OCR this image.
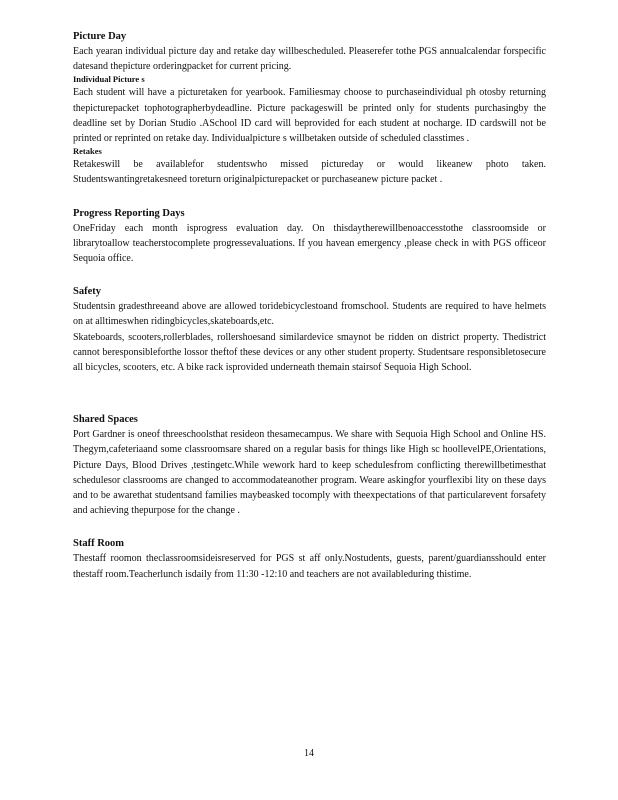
Picture Day

Each yearan individual picture day and retake day willbescheduled. Pleaserefer tothe PGS annualcalendar forspecific datesand thepicture orderingpacket for current pricing.

Individual Picture s

Each student will have a picturetaken for yearbook. Familiesmay choose to purchaseindividual ph otosby returning thepicturepacket tophotographerbydeadline. Picture packageswill be printed only for students purchasingby the deadline set by Dorian Studio .ASchool ID card will beprovided for each student at nocharge. ID cardswill not be printed or reprinted on retake day. Individualpicture s willbetaken outside of scheduled classtimes .

Retakes

Retakeswill be availablefor studentswho missed pictureday or would likeanew photo taken. Studentswantingretakesneed toreturn originalpicturepacket or purchaseanew picture packet .

Progress Reporting Days

OneFriday each month isprogress evaluation day. On thisdaytherewillbenoaccesstothe classroomside or librarytoallow teacherstocomplete progressevaluations. If you havean emergency ,please check in with PGS officeor Sequoia office.

Safety

Studentsin gradesthreeand above are allowed toridebicyclestoand fromschool. Students are required to have helmets on at alltimeswhen ridingbicycles,skateboards,etc.

Skateboards, scooters,rollerblades, rollershoesand similardevice smaynot be ridden on district property. Thedistrict cannot beresponsibleforthe lossor theftof these devices or any other student property. Studentsare responsibletosecure all bicycles, scooters, etc. A bike rack isprovided underneath themain stairsof Sequoia High School.

Shared Spaces

Port Gardner is oneof threeschoolsthat resideon thesamecampus. We share with Sequoia High School and Online HS. Thegym,cafeteriaand some classroomsare shared on a regular basis for things like High sc hoollevelPE,Orientations, Picture Days, Blood Drives ,testingetc.While wework hard to keep schedulesfrom conflicting therewillbetimesthat schedulesor classrooms are changed to accommodateanother program. Weare askingfor yourflexibi lity on these days and to be awarethat studentsand families maybeasked tocomply with theexpectations of that particularevent forsafety and achieving thepurpose for the change .

Staff Room

Thestaff roomon theclassroomsideisreserved for PGS st aff only.Nostudents, guests, parent/guardiansshould enter thestaff room.Teacherlunch isdaily from 11:30 -12:10 and teachers are not availableduring thistime.

14
